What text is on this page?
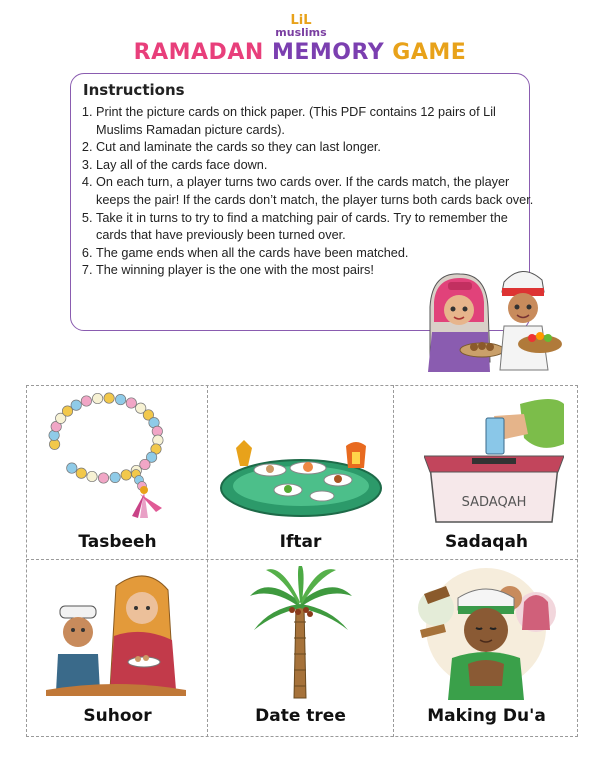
LiL
muslims
RAMADAN MEMORY GAME
Instructions
1. Print the picture cards on thick paper. (This PDF contains 12 pairs of Lil Muslims Ramadan picture cards).
2. Cut and laminate the cards so they can last longer.
3. Lay all of the cards face down.
4. On each turn, a player turns two cards over. If the cards match, the player keeps the pair! If the cards don’t match, the player turns both cards back over.
5. Take it in turns to try to find a matching pair of cards. Try to remember the cards that have previously been turned over.
6. The game ends when all the cards have been matched.
7. The winning player is the one with the most pairs!
SADAQAH
Tasbeeh	Iftar	Sadaqah
Suhoor	Date tree	Making Du'a
